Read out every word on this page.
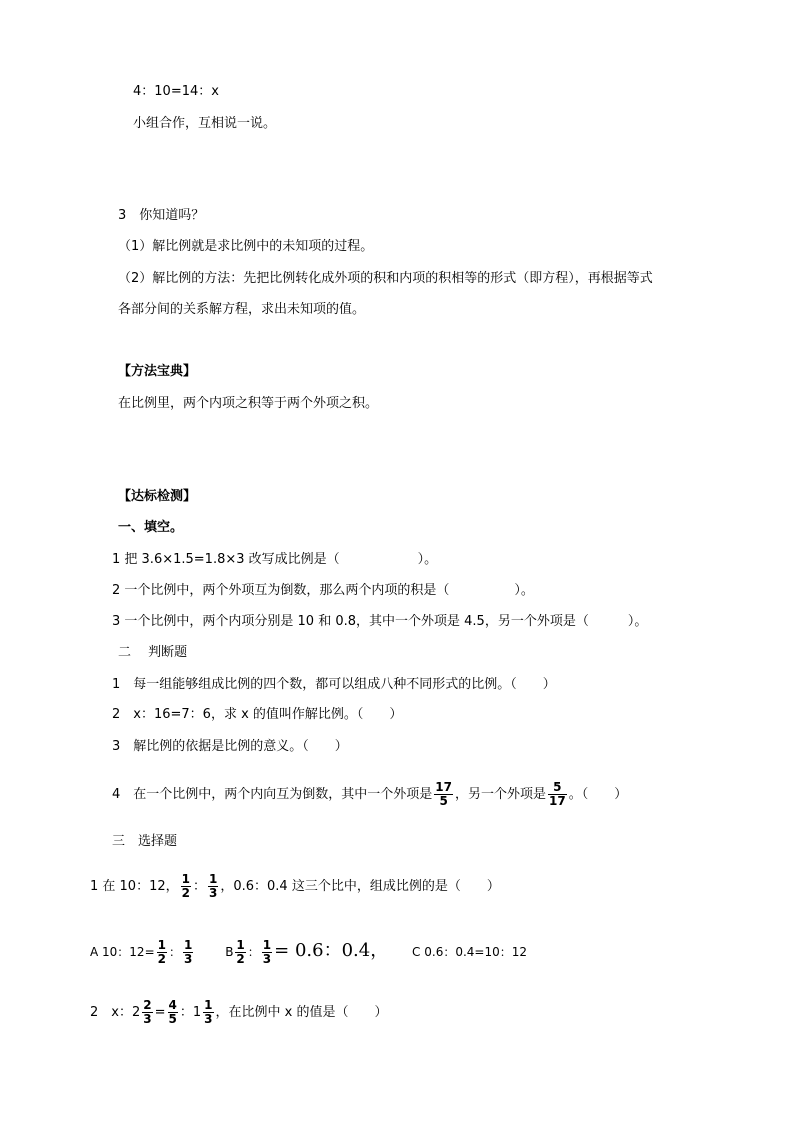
4：10=14：x
小组合作，互相说一说。
3　你知道吗？
（1）解比例就是求比例中的未知项的过程。
（2）解比例的方法：先把比例转化成外项的积和内项的积相等的形式（即方程），再根据等式
各部分间的关系解方程，求出未知项的值。
【方法宝典】
在比例里，两个内项之积等于两个外项之积。
【达标检测】
一、填空。
1 把 3.6×1.5=1.8×3 改写成比例是（　　　　　　）。
2 一个比例中，两个外项互为倒数，那么两个内项的积是（　　　　　）。
3 一个比例中，两个内项分别是 10 和 0.8，其中一个外项是 4.5，另一个外项是（　　　）。
二　 判断题
1　每一组能够组成比例的四个数，都可以组成八种不同形式的比例。（　　）
2　x：16=7：6，求 x 的值叫作解比例。（　　）
3　解比例的依据是比例的意义。（　　）
4　在一个比例中，两个内向互为倒数，其中一个外项是 $\frac{17}{5}$ ，另一个外项是 $\frac{5}{17}$ 。（　　）
三　选择题
1 在 10：12， $\frac{1}{2}$ ： $\frac{1}{3}$ ，0.6：0.4 这三个比中，组成比例的是（　　）
A 10：$12= \frac{1}{2}$ ： $\frac{1}{3}$	B $\frac{1}{2}$ ： $\frac{1}{3} = 0.6$：0.4， C 0.6：0.4=10：12
2　x：$2 \frac{2}{3} = \frac{4}{5}$ ：$1 \frac{1}{3}$ ，在比例中 x 的值是（　　）
